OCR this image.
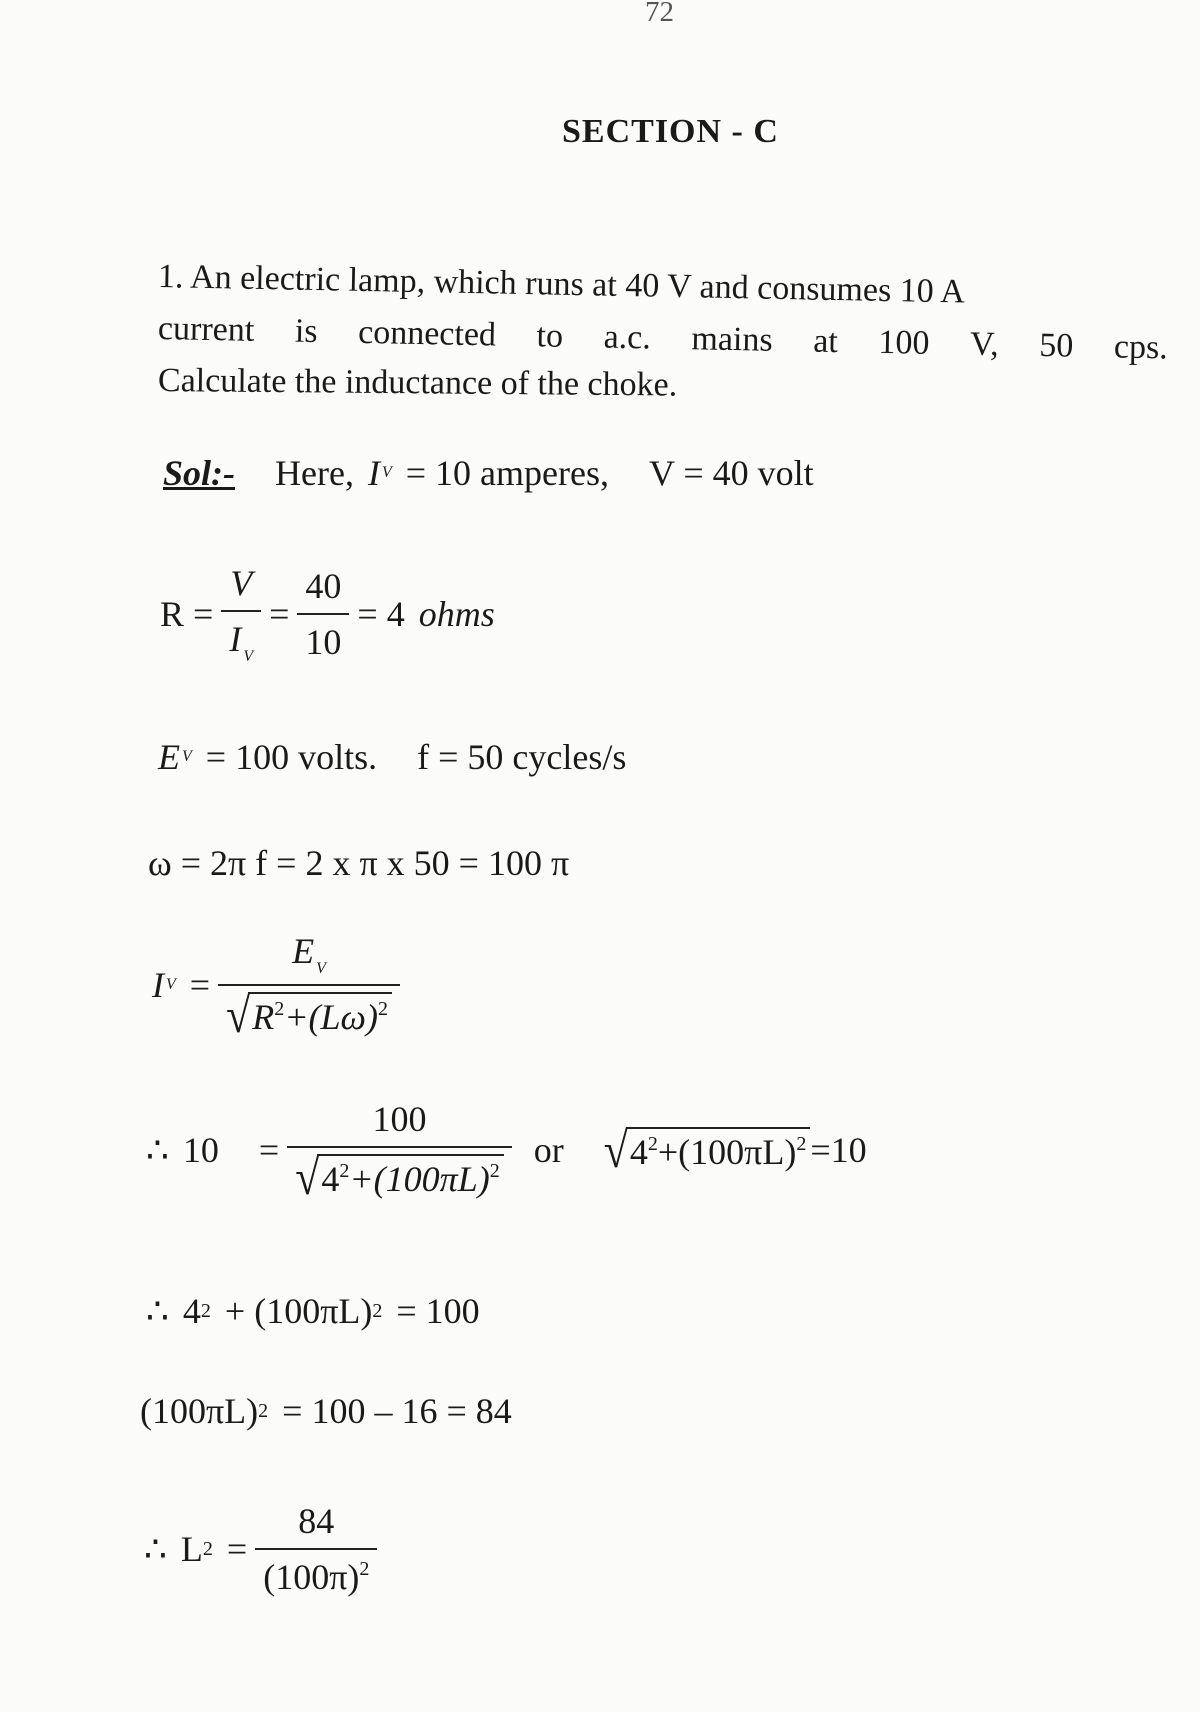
72
SECTION - C
1. An electric lamp, which runs at 40 V and consumes 10 A
current is connected to a.c. mains at 100 V, 50 cps.
Calculate the inductance of the choke.
Sol:- Here, I V = 10 amperes, V = 40 volt
$R = \frac{V}{I _V} = \frac{40}{10} = 4$ ohms
E V = 100 volts. f = 50 cycles/s
ω = 2π f = 2 x π x 50 = 100 π
I $V = \frac{E _V}{√ R^2+(L\omega)^2}$
∴ $10 = \frac{100}{√ 4^2+(100\pi L)^2}$ or √ $4^2+(100\pi L)^2 =10$
∴ 4 2 + (100πL) 2 = 100
(100πL) 2 = 100 – 16 = 84
∴ L $2 = \frac{84}{(100\pi)^2}$
